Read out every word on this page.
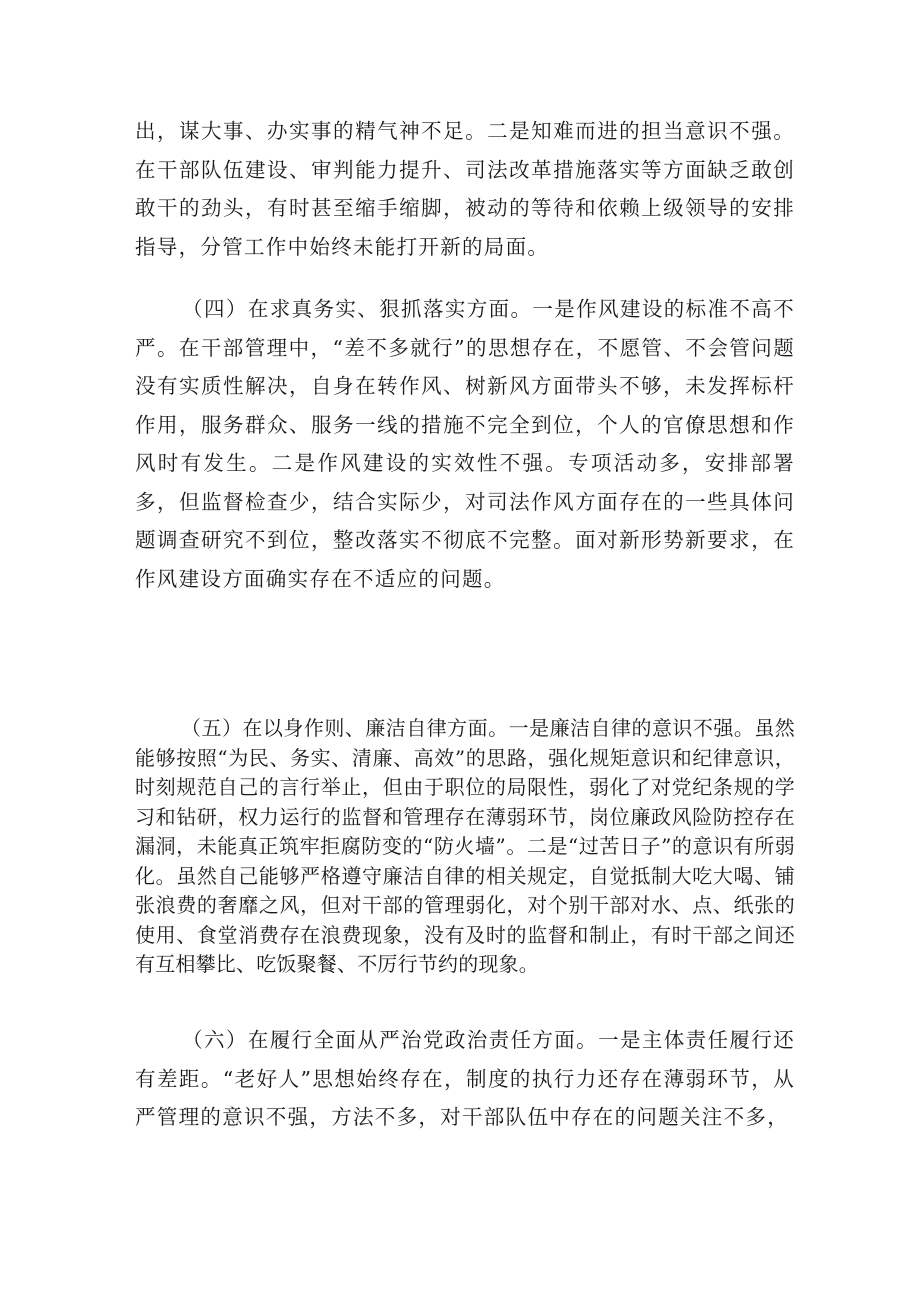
出，谋大事、办实事的精气神不足。二是知难而进的担当意识不强。在干部队伍建设、审判能力提升、司法改革措施落实等方面缺乏敢创敢干的劲头，有时甚至缩手缩脚，被动的等待和依赖上级领导的安排指导，分管工作中始终未能打开新的局面。

（四）在求真务实、狠抓落实方面。一是作风建设的标准不高不严。在干部管理中，“差不多就行”的思想存在，不愿管、不会管问题没有实质性解决，自身在转作风、树新风方面带头不够，未发挥标杆作用，服务群众、服务一线的措施不完全到位，个人的官僚思想和作风时有发生。二是作风建设的实效性不强。专项活动多，安排部署多，但监督检查少，结合实际少，对司法作风方面存在的一些具体问题调查研究不到位，整改落实不彻底不完整。面对新形势新要求，在作风建设方面确实存在不适应的问题。

（五）在以身作则、廉洁自律方面。一是廉洁自律的意识不强。虽然能够按照“为民、务实、清廉、高效”的思路，强化规矩意识和纪律意识，时刻规范自己的言行举止，但由于职位的局限性，弱化了对党纪条规的学习和钻研，权力运行的监督和管理存在薄弱环节，岗位廉政风险防控存在漏洞，未能真正筑牢拒腐防变的“防火墙”。二是“过苦日子”的意识有所弱化。虽然自己能够严格遵守廉洁自律的相关规定，自觉抵制大吃大喝、铺张浪费的奢靡之风，但对干部的管理弱化，对个别干部对水、点、纸张的使用、食堂消费存在浪费现象，没有及时的监督和制止，有时干部之间还有互相攀比、吃饭聚餐、不厉行节约的现象。

（六）在履行全面从严治党政治责任方面。一是主体责任履行还有差距。“老好人”思想始终存在，制度的执行力还存在薄弱环节，从严管理的意识不强，方法不多，对干部队伍中存在的问题关注不多，
